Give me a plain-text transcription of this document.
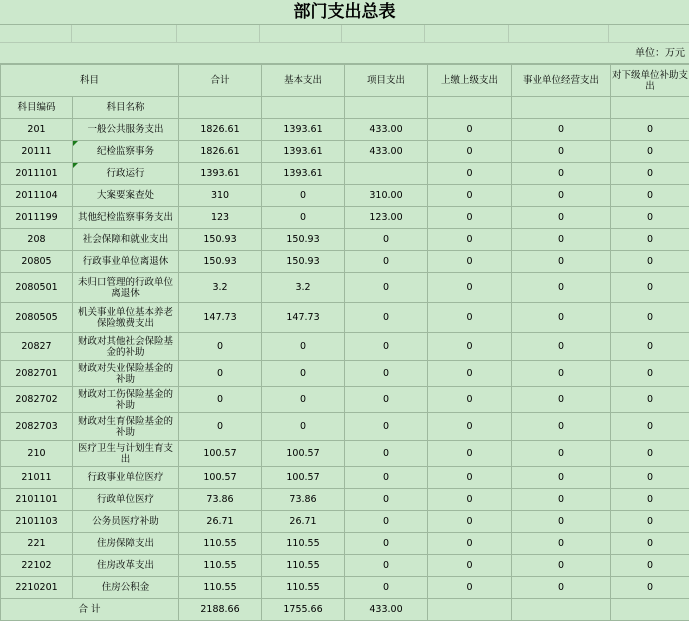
部门支出总表
单位：万元
科目		合计	基本支出	项目支出	上缴上级支出	事业单位经营支出	对下级单位补助支出
科目编码	科目名称						
201	一般公共服务支出	1826.61	1393.61	433.00	0	0	0
20111	纪检监察事务	1826.61	1393.61	433.00	0	0	0
2011101	行政运行	1393.61	1393.61		0	0	0
2011104	大案要案查处	310	0	310.00	0	0	0
2011199	其他纪检监察事务支出	123	0	123.00	0	0	0
208	社会保障和就业支出	150.93	150.93	0	0	0	0
20805	行政事业单位离退休	150.93	150.93	0	0	0	0
2080501	未归口管理的行政单位离退休	3.2	3.2	0	0	0	0
2080505	机关事业单位基本养老保险缴费支出	147.73	147.73	0	0	0	0
20827	财政对其他社会保险基金的补助	0	0	0	0	0	0
2082701	财政对失业保险基金的补助	0	0	0	0	0	0
2082702	财政对工伤保险基金的补助	0	0	0	0	0	0
2082703	财政对生育保险基金的补助	0	0	0	0	0	0
210	医疗卫生与计划生育支出	100.57	100.57	0	0	0	0
21011	行政事业单位医疗	100.57	100.57	0	0	0	0
2101101	行政单位医疗	73.86	73.86	0	0	0	0
2101103	公务员医疗补助	26.71	26.71	0	0	0	0
221	住房保障支出	110.55	110.55	0	0	0	0
22102	住房改革支出	110.55	110.55	0	0	0	0
2210201	住房公积金	110.55	110.55	0	0	0	0
合 计		2188.66	1755.66	433.00			
